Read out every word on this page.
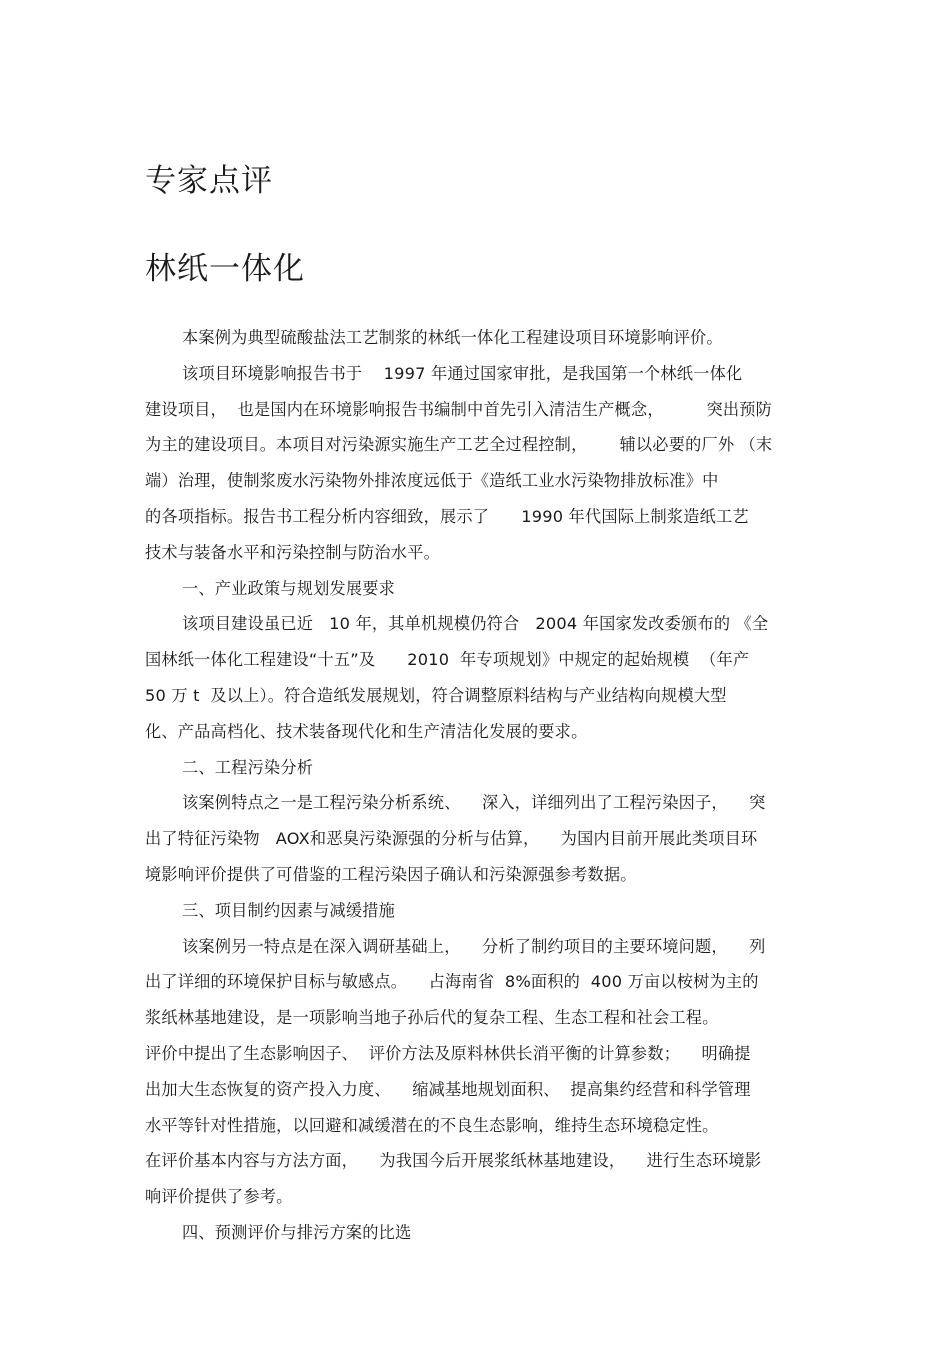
专家点评
林纸一体化
本案例为典型硫酸盐法工艺制浆的林纸一体化工程建设项目环境影响评价。
该项目环境影响报告书于    1997 年通过国家审批，是我国第一个林纸一体化
建设项目，  也是国内在环境影响报告书编制中首先引入清洁生产概念，        突出预防
为主的建设项目。本项目对污染源实施生产工艺全过程控制，      辅以必要的厂外 （末
端）治理，使制浆废水污染物外排浓度远低于《造纸工业水污染物排放标准》中
的各项指标。报告书工程分析内容细致，展示了      1990 年代国际上制浆造纸工艺
技术与装备水平和污染控制与防治水平。
一、产业政策与规划发展要求
该项目建设虽已近   10 年，其单机规模仍符合   2004 年国家发改委颁布的 《全
国林纸一体化工程建设“十五”及      2010  年专项规划》中规定的起始规模  （年产
50 万 t  及以上）。符合造纸发展规划，符合调整原料结构与产业结构向规模大型
化、产品高档化、技术装备现代化和生产清洁化发展的要求。
二、工程污染分析
该案例特点之一是工程污染分析系统、    深入，详细列出了工程污染因子，    突
出了特征污染物   AOX和恶臭污染源强的分析与估算，    为国内目前开展此类项目环
境影响评价提供了可借鉴的工程污染因子确认和污染源强参考数据。
三、项目制约因素与减缓措施
该案例另一特点是在深入调研基础上，    分析了制约项目的主要环境问题，    列
出了详细的环境保护目标与敏感点。    占海南省  8%面积的  400 万亩以桉树为主的
浆纸林基地建设，是一项影响当地子孙后代的复杂工程、生态工程和社会工程。
评价中提出了生态影响因子、  评价方法及原料林供长消平衡的计算参数；    明确提
出加大生态恢复的资产投入力度、    缩减基地规划面积、  提高集约经营和科学管理
水平等针对性措施，以回避和减缓潜在的不良生态影响，维持生态环境稳定性。
在评价基本内容与方法方面，    为我国今后开展浆纸林基地建设，    进行生态环境影
响评价提供了参考。
四、预测评价与排污方案的比选
